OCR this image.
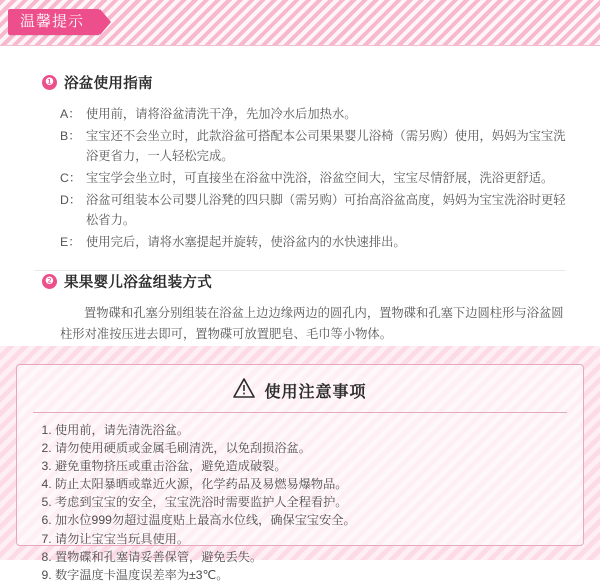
温馨提示
❶ 浴盆使用指南
A： 使用前，请将浴盆清洗干净，先加冷水后加热水。
B： 宝宝还不会坐立时，此款浴盆可搭配本公司果果婴儿浴椅（需另购）使用，妈妈为宝宝洗浴更省力，一人轻松完成。
C： 宝宝学会坐立时，可直接坐在浴盆中洗浴，浴盆空间大，宝宝尽情舒展，洗浴更舒适。
D： 浴盆可组装本公司婴儿浴凳的四只脚（需另购）可抬高浴盆高度，妈妈为宝宝洗浴时更轻松省力。
E： 使用完后，请将水塞提起并旋转，使浴盆内的水快速排出。
❷ 果果婴儿浴盆组装方式

置物碟和孔塞分别组装在浴盆上边边缘两边的圆孔内，置物碟和孔塞下边圆柱形与浴盆圆柱形对准按压进去即可，置物碟可放置肥皂、毛巾等小物体。

使用注意事项
1. 使用前，请先清洗浴盆。
2. 请勿使用硬质或金属毛刷清洗，以免刮损浴盆。
3. 避免重物挤压或重击浴盆，避免造成破裂。
4. 防止太阳暴晒或靠近火源，化学药品及易燃易爆物品。
5. 考虑到宝宝的安全，宝宝洗浴时需要监护人全程看护。
6. 加水位999勿超过温度贴上最高水位线，确保宝宝安全。
7. 请勿让宝宝当玩具使用。
8. 置物碟和孔塞请妥善保管，避免丢失。
9. 数字温度卡温度误差率为±3℃。
